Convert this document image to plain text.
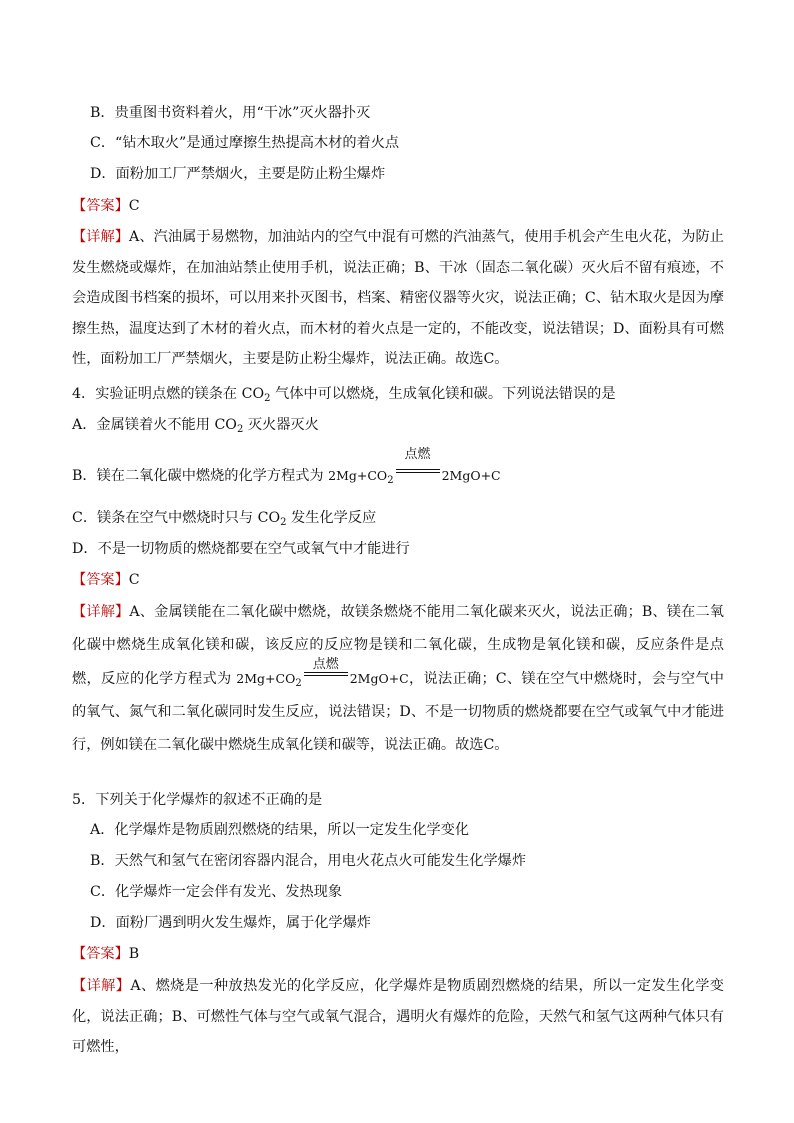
B．贵重图书资料着火，用“干冰”灭火器扑灭
C．“钻木取火”是通过摩擦生热提高木材的着火点
D．面粉加工厂严禁烟火，主要是防止粉尘爆炸
【答案】C
【详解】A、汽油属于易燃物，加油站内的空气中混有可燃的汽油蒸气，使用手机会产生电火花，为防止发生燃烧或爆炸，在加油站禁止使用手机，说法正确；B、干冰（固态二氧化碳）灭火后不留有痕迹，不会造成图书档案的损坏，可以用来扑灭图书，档案、精密仪器等火灾，说法正确；C、钻木取火是因为摩擦生热，温度达到了木材的着火点，而木材的着火点是一定的，不能改变，说法错误；D、面粉具有可燃性，面粉加工厂严禁烟火，主要是防止粉尘爆炸，说法正确。故选C。
4．实验证明点燃的镁条在 $CO_2$ 气体中可以燃烧，生成氧化镁和碳。下列说法错误的是
A．金属镁着火不能用 $CO_2$ 灭火器灭火
B．镁在二氧化碳中燃烧的化学方程式为 $2Mg+CO_2$
点燃
2MgO+C
C．镁条在空气中燃烧时只与 $CO_2$ 发生化学反应
D．不是一切物质的燃烧都要在空气或氧气中才能进行
【答案】C
【详解】A、金属镁能在二氧化碳中燃烧，故镁条燃烧不能用二氧化碳来灭火，说法正确；B、镁在二氧化碳中燃烧生成氧化镁和碳，该反应的反应物是镁和二氧化碳，生成物是氧化镁和碳，反应条件是点燃，反应的化学方程式为 $2Mg+CO_2$
点燃
2MgO+C，说法正确；C、镁在空气中燃烧时，会与空气中的氧气、氮气和二氧化碳同时发生反应，说法错误；D、不是一切物质的燃烧都要在空气或氧气中才能进行，例如镁在二氧化碳中燃烧生成氧化镁和碳等，说法正确。故选C。
5．下列关于化学爆炸的叙述不正确的是
A．化学爆炸是物质剧烈燃烧的结果，所以一定发生化学变化
B．天然气和氢气在密闭容器内混合，用电火花点火可能发生化学爆炸
C．化学爆炸一定会伴有发光、发热现象
D．面粉厂遇到明火发生爆炸，属于化学爆炸
【答案】B
【详解】A、燃烧是一种放热发光的化学反应，化学爆炸是物质剧烈燃烧的结果，所以一定发生化学变化，说法正确；B、可燃性气体与空气或氧气混合，遇明火有爆炸的危险，天然气和氢气这两种气体只有可燃性，
